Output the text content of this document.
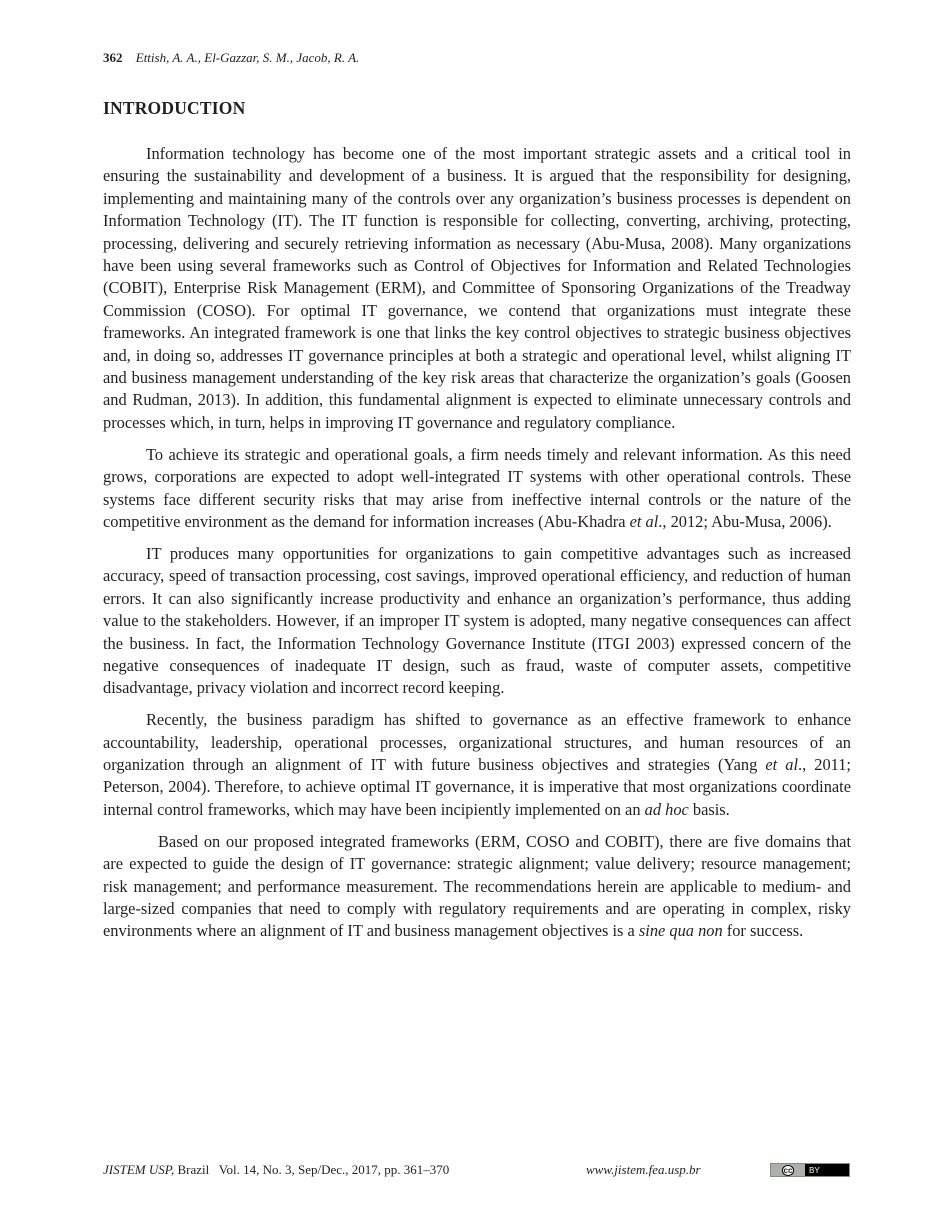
362 Ettish, A. A., El-Gazzar, S. M., Jacob, R. A.
INTRODUCTION

Information technology has become one of the most important strategic assets and a critical tool in ensuring the sustainability and development of a business. It is argued that the responsibility for designing, implementing and maintaining many of the controls over any organization’s business processes is dependent on Information Technology (IT). The IT function is responsible for collecting, converting, archiving, protecting, processing, delivering and securely retrieving information as necessary (Abu-Musa, 2008). Many organizations have been using several frameworks such as Control of Objectives for Information and Related Technologies (COBIT), Enterprise Risk Management (ERM), and Committee of Sponsoring Organizations of the Treadway Commission (COSO). For optimal IT governance, we contend that organizations must integrate these frameworks. An integrated framework is one that links the key control objectives to strategic business objectives and, in doing so, addresses IT governance principles at both a strategic and operational level, whilst aligning IT and business management understanding of the key risk areas that characterize the organization’s goals (Goosen and Rudman, 2013). In addition, this fundamental alignment is expected to eliminate unnecessary controls and processes which, in turn, helps in improving IT governance and regulatory compliance.

To achieve its strategic and operational goals, a firm needs timely and relevant information. As this need grows, corporations are expected to adopt well-integrated IT systems with other operational controls. These systems face different security risks that may arise from ineffective internal controls or the nature of the competitive environment as the demand for information increases (Abu-Khadra et al., 2012; Abu-Musa, 2006).

IT produces many opportunities for organizations to gain competitive advantages such as increased accuracy, speed of transaction processing, cost savings, improved operational efficiency, and reduction of human errors. It can also significantly increase productivity and enhance an organization’s performance, thus adding value to the stakeholders. However, if an improper IT system is adopted, many negative consequences can affect the business. In fact, the Information Technology Governance Institute (ITGI 2003) expressed concern of the negative consequences of inadequate IT design, such as fraud, waste of computer assets, competitive disadvantage, privacy violation and incorrect record keeping.

Recently, the business paradigm has shifted to governance as an effective framework to enhance accountability, leadership, operational processes, organizational structures, and human resources of an organization through an alignment of IT with future business objectives and strategies (Yang et al., 2011; Peterson, 2004). Therefore, to achieve optimal IT governance, it is imperative that most organizations coordinate internal control frameworks, which may have been incipiently implemented on an ad hoc basis.

Based on our proposed integrated frameworks (ERM, COSO and COBIT), there are five domains that are expected to guide the design of IT governance: strategic alignment; value delivery; resource management; risk management; and performance measurement. The recommendations herein are applicable to medium- and large-sized companies that need to comply with regulatory requirements and are operating in complex, risky environments where an alignment of IT and business management objectives is a sine qua non for success.

JISTEM USP, Brazil   Vol. 14, No. 3, Sep/Dec., 2017, pp. 361–370	www.jistem.fea.usp.br	cc BY
